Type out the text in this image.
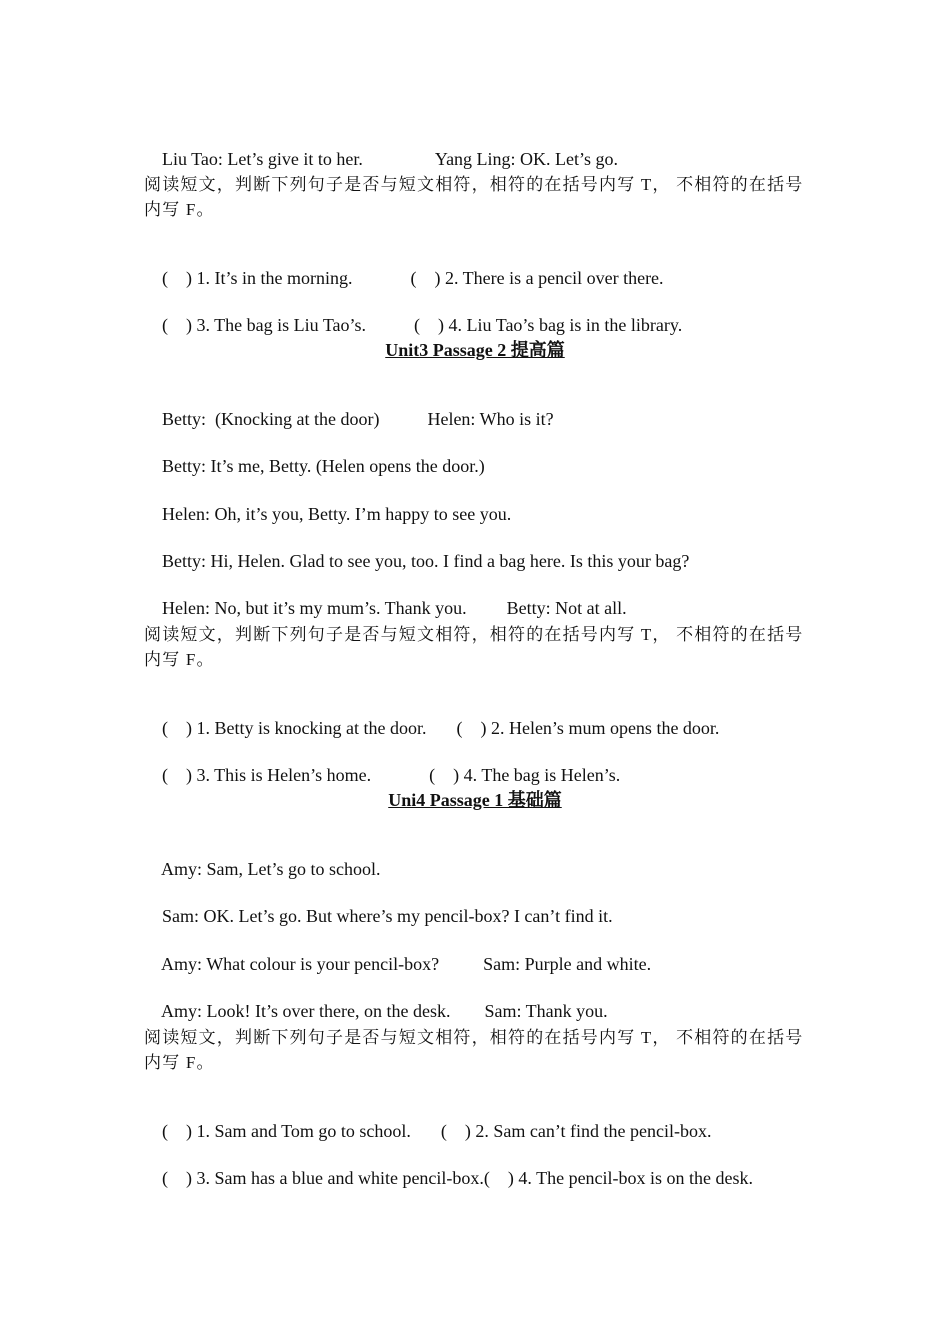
Liu Tao: Let’s give it to her.	Yang Ling: OK. Let’s go.

阅读短文，判断下列句子是否与短文相符，相符的在括号内写 T， 不相符的在括号内写 F。

(    ) 1. It’s in the morning.	(    ) 2. There is a pencil over there.

(    ) 3. The bag is Liu Tao’s.	(    ) 4. Liu Tao’s bag is in the library.

Unit3 Passage 2 提高篇

Betty:  (Knocking at the door)	Helen: Who is it?

Betty: It’s me, Betty. (Helen opens the door.)

Helen: Oh, it’s you, Betty. I’m happy to see you.

Betty: Hi, Helen. Glad to see you, too. I find a bag here. Is this your bag?

Helen: No, but it’s my mum’s. Thank you. Betty: Not at all.

阅读短文，判断下列句子是否与短文相符，相符的在括号内写 T， 不相符的在括号内写 F。

(    ) 1. Betty is knocking at the door. (    ) 2. Helen’s mum opens the door.

(    ) 3. This is Helen’s home.	(    ) 4. The bag is Helen’s.

Uni4 Passage 1 基础篇

Amy: Sam, Let’s go to school.

Sam: OK. Let’s go. But where’s my pencil-box? I can’t find it.

Amy: What colour is your pencil-box? Sam: Purple and white.

Amy: Look! It’s over there, on the desk. Sam: Thank you.

阅读短文，判断下列句子是否与短文相符，相符的在括号内写 T， 不相符的在括号内写 F。

(    ) 1. Sam and Tom go to school. (    ) 2. Sam can’t find the pencil-box.

(    ) 3. Sam has a blue and white pencil-box.(    ) 4. The pencil-box is on the desk.
